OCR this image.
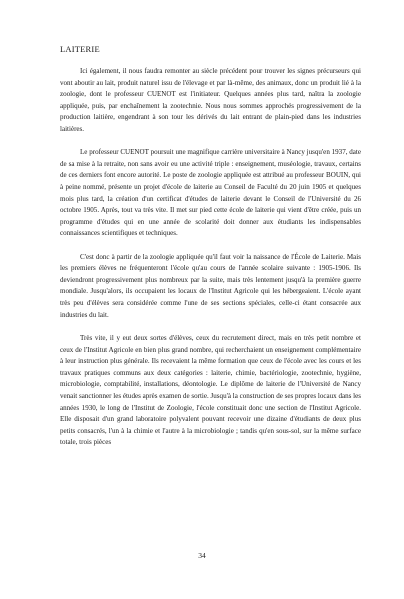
LAITERIE

Ici également, il nous faudra remonter au siècle précédent pour trouver les signes précurseurs qui vont aboutir au lait, produit naturel issu de l'élevage et par là-même, des animaux, donc un produit lié à la zoologie, dont le professeur CUENOT est l'initiateur. Quelques années plus tard, naîtra la zoologie appliquée, puis, par enchaînement la zootechnie. Nous nous sommes approchés progressivement de la production laitière, engendrant à son tour les dérivés du lait entrant de plain-pied dans les industries laitières.

Le professeur CUENOT poursuit une magnifique carrière universitaire à Nancy jusqu'en 1937, date de sa mise à la retraite, non sans avoir eu une activité triple : enseignement, muséologie, travaux, certains de ces derniers font encore autorité. Le poste de zoologie appliquée est attribué au professeur BOUIN, qui à peine nommé, présente un projet d'école de laiterie au Conseil de Faculté du 20 juin 1905 et quelques mois plus tard, la création d'un certificat d'études de laiterie devant le Conseil de l'Université du 26 octobre 1905. Après, tout va très vite. Il met sur pied cette école de laiterie qui vient d'être créée, puis un programme d'études qui en une année de scolarité doit donner aux étudiants les indispensables connaissances scientifiques et techniques.

C'est donc à partir de la zoologie appliquée qu'il faut voir la naissance de l'École de Laiterie. Mais les premiers élèves ne fréquenteront l'école qu'au cours de l'année scolaire suivante : 1905-1906. Ils deviendront progressivement plus nombreux par la suite, mais très lentement jusqu'à la première guerre mondiale. Jusqu'alors, ils occupaient les locaux de l'Institut Agricole qui les hébergeaient. L'école ayant très peu d'élèves sera considérée comme l'une de ses sections spéciales, celle-ci étant consacrée aux industries du lait.

Très vite, il y eut deux sortes d'élèves, ceux du recrutement direct, mais en très petit nombre et ceux de l'Institut Agricole en bien plus grand nombre, qui recherchaient un enseignement complémentaire à leur instruction plus générale. Ils recevaient la même formation que ceux de l'école avec les cours et les travaux pratiques communs aux deux catégories : laiterie, chimie, bactériologie, zootechnie, hygiène, microbiologie, comptabilité, installations, déontologie. Le diplôme de laiterie de l'Université de Nancy venait sanctionner les études après examen de sortie. Jusqu'à la construction de ses propres locaux dans les années 1930, le long de l'Institut de Zoologie, l'école constituait donc une section de l'Institut Agricole. Elle disposait d'un grand laboratoire polyvalent pouvant recevoir une dizaine d'étudiants de deux plus petits consacrés, l'un à la chimie et l'autre à la microbiologie ; tandis qu'en sous-sol, sur la même surface totale, trois pièces

34
